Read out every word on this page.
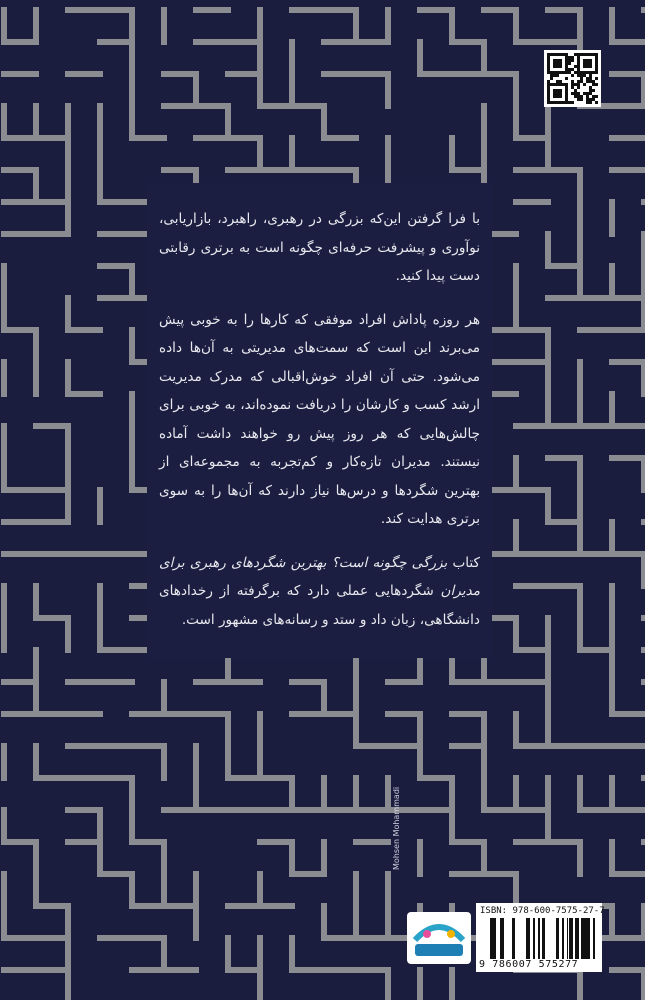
با فرا گرفتن این‌که بزرگی در رهبری، راهبرد، بازاریابی، نوآوری و پیشرفت حرفه‌ای چگونه است به برتری رقابتی دست پیدا کنید.

هر روزه پاداش افراد موفقی که کارها را به خوبی پیش می‌برند این است که سمت‌های مدیریتی به آن‌ها داده می‌شود. حتی آن افراد خوش‌اقبالی که مدرک مدیریت ارشد کسب و کارشان را دریافت نموده‌اند، به خوبی برای چالش‌هایی که هر روز پیش رو خواهند داشت آماده نیستند. مدیران تازه‌کار و کم‌تجربه به مجموعه‌ای از بهترین شگردها و درس‌ها نیاز دارند که آن‌ها را به سوی برتری هدایت کند.

کتاب بزرگی چگونه است؟ بهترین شگردهای رهبری برای مدیران شگردهایی عملی دارد که برگرفته از رخدادهای دانشگاهی، زبان داد و ستد و رسانه‌های مشهور است.

Mohsen Mohammadi
ISBN: 978-600-7575-27-7
9 786007 575277
